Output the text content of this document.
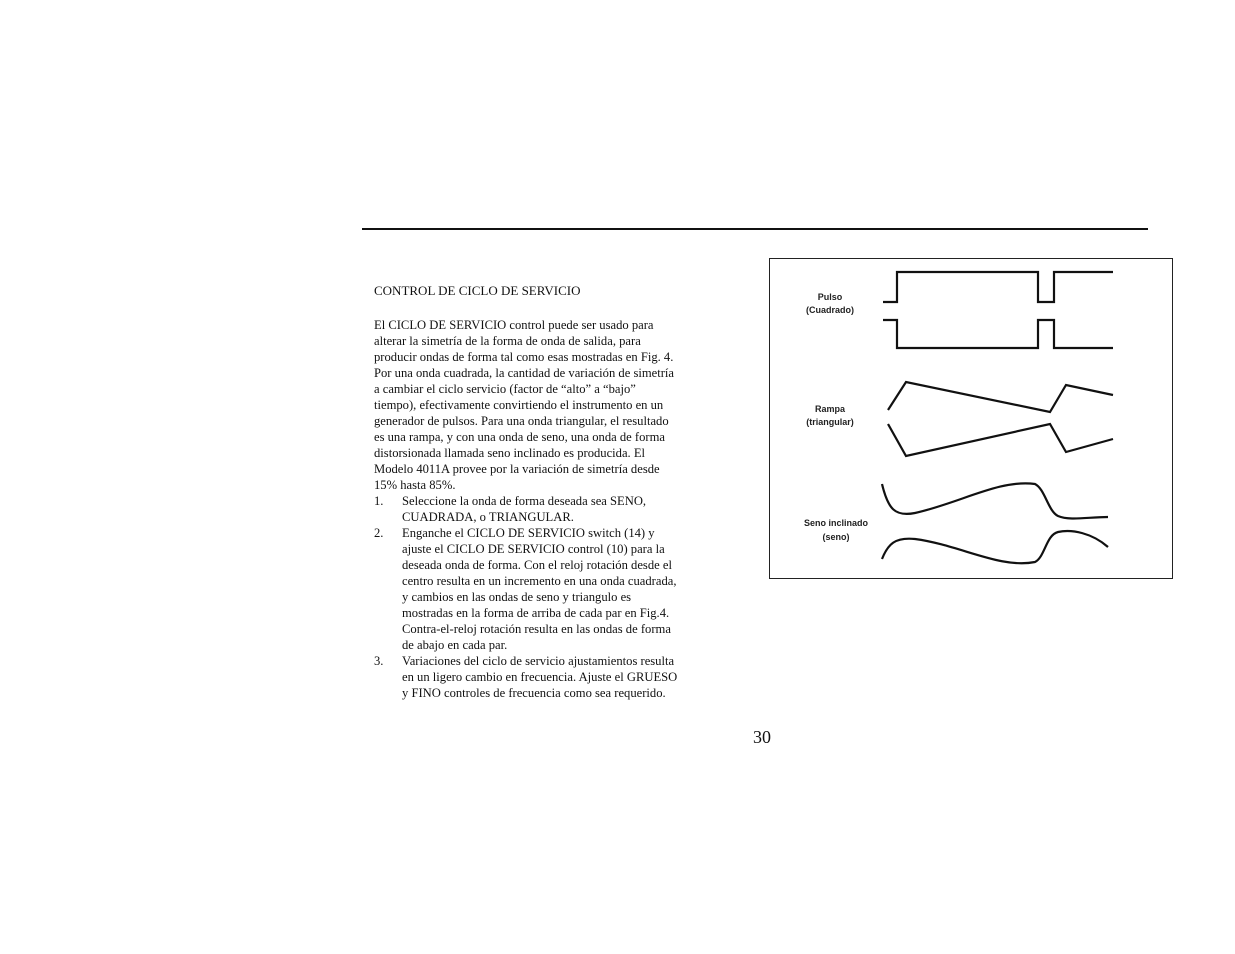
CONTROL DE CICLO DE SERVICIO

El CICLO DE SERVICIO control puede ser usado para
alterar la simetría de la forma de onda de salida, para
producir ondas de forma tal como esas mostradas en Fig. 4.
Por una onda cuadrada, la cantidad de variación de simetría
a cambiar el ciclo servicio (factor de “alto” a “bajo”
tiempo), efectivamente convirtiendo el instrumento en un
generador de pulsos. Para una onda triangular, el resultado
es una rampa, y con una onda de seno, una onda de forma
distorsionada llamada seno inclinado es producida. El
Modelo 4011A provee por la variación de simetría desde
15% hasta 85%.

1. Seleccione la onda de forma deseada sea SENO,
CUADRADA, o TRIANGULAR.
2. Enganche el CICLO DE SERVICIO switch (14) y
ajuste el CICLO DE SERVICIO control (10) para la
deseada onda de forma. Con el reloj rotación desde el
centro resulta en un incremento en una onda cuadrada,
y cambios en las ondas de seno y triangulo es
mostradas en la forma de arriba de cada par en Fig.4.
Contra-el-reloj rotación resulta en las ondas de forma
de abajo en cada par.
3. Variaciones del ciclo de servicio ajustamientos resulta
en un ligero cambio en frecuencia. Ajuste el GRUESO
y FINO controles de frecuencia como sea requerido.
Pulso
(Cuadrado)
Rampa
(triangular)
Seno inclinado
(seno)
30
